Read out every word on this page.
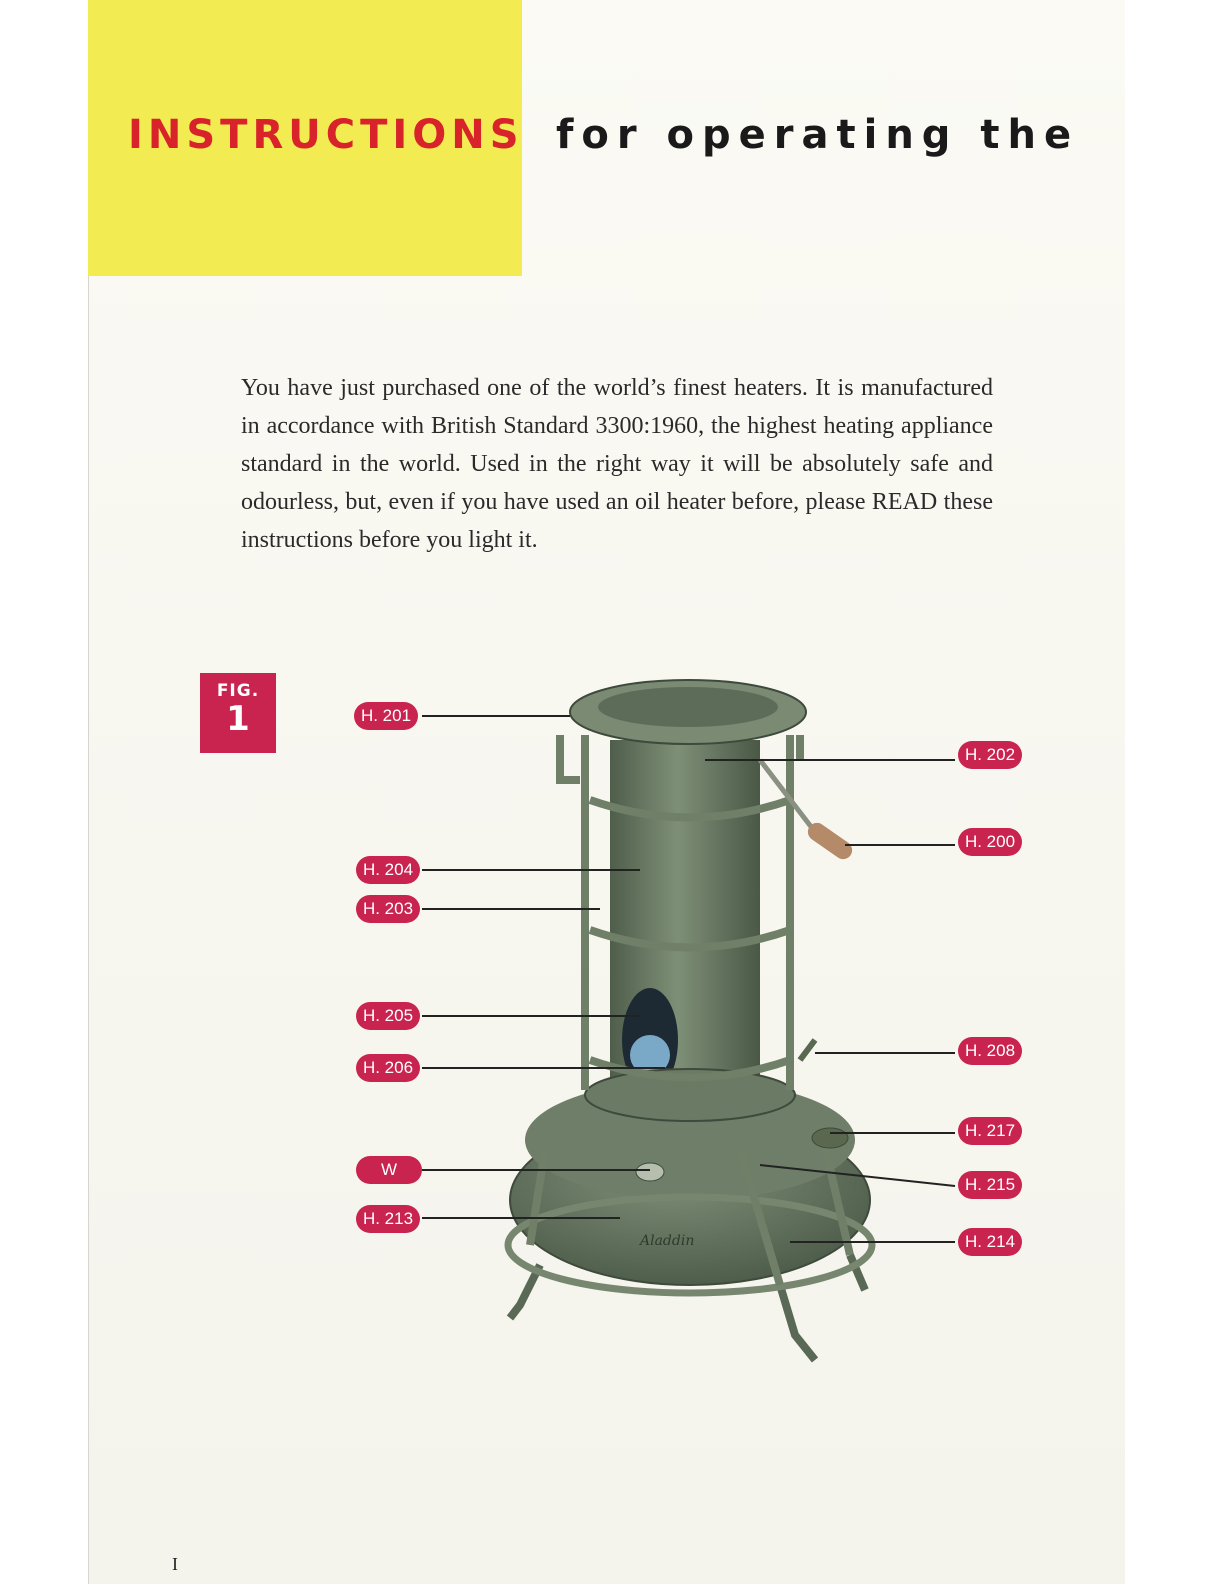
INSTRUCTIONS for operating the

You have just purchased one of the world’s finest heaters. It is manufactured in accordance with British Standard 3300:1960, the highest heating appliance standard in the world. Used in the right way it will be absolutely safe and odourless, but, even if you have used an oil heater before, please READ these instructions before you light it.

FIG.
1
Aladdin
H. 201
H. 202
H. 200
H. 204
H. 203
H. 205
H. 206
H. 208
H. 217
W
H. 215
H. 213
H. 214
I
